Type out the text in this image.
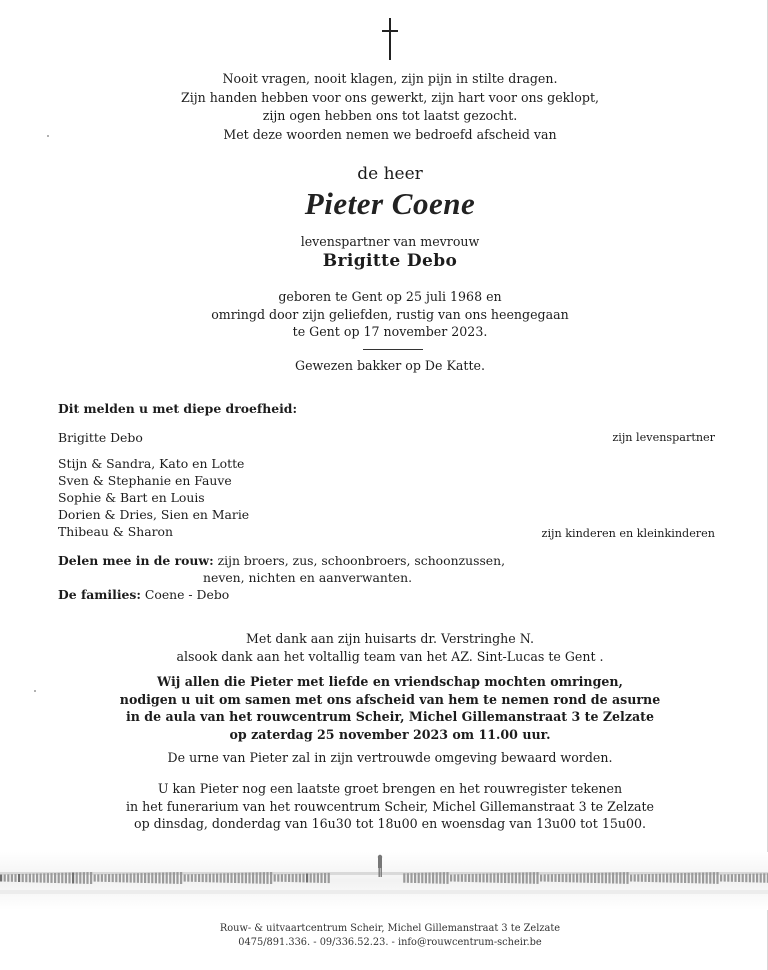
Nooit vragen, nooit klagen, zijn pijn in stilte dragen.
Zijn handen hebben voor ons gewerkt, zijn hart voor ons geklopt,
zijn ogen hebben ons tot laatst gezocht.
Met deze woorden nemen we bedroefd afscheid van
de heer
Pieter Coene
levenspartner van mevrouw
Brigitte Debo
geboren te Gent op 25 juli 1968 en
omringd door zijn geliefden, rustig van ons heengegaan
te Gent op 17 november 2023.
Gewezen bakker op De Katte.
Dit melden u met diepe droefheid:
Brigitte Debo	zijn levenspartner
Stijn & Sandra, Kato en Lotte
Sven & Stephanie en Fauve
Sophie & Bart en Louis
Dorien & Dries, Sien en Marie
Thibeau & Sharon	zijn kinderen en kleinkinderen
Delen mee in de rouw: zijn broers, zus, schoonbroers, schoonzussen,
neven, nichten en aanverwanten.
De families: Coene - Debo
Met dank aan zijn huisarts dr. Verstringhe N.
alsook dank aan het voltallig team van het AZ. Sint-Lucas te Gent .
Wij allen die Pieter met liefde en vriendschap mochten omringen,
nodigen u uit om samen met ons afscheid van hem te nemen rond de asurne
in de aula van het rouwcentrum Scheir, Michel Gillemanstraat 3 te Zelzate
op zaterdag 25 november 2023 om 11.00 uur.
De urne van Pieter zal in zijn vertrouwde omgeving bewaard worden.
U kan Pieter nog een laatste groet brengen en het rouwregister tekenen
in het funerarium van het rouwcentrum Scheir, Michel Gillemanstraat 3 te Zelzate
op dinsdag, donderdag van 16u30 tot 18u00 en woensdag van 13u00 tot 15u00.
Rouw- & uitvaartcentrum Scheir, Michel Gillemanstraat 3 te Zelzate
0475/891.336. - 09/336.52.23. - info@rouwcentrum-scheir.be
